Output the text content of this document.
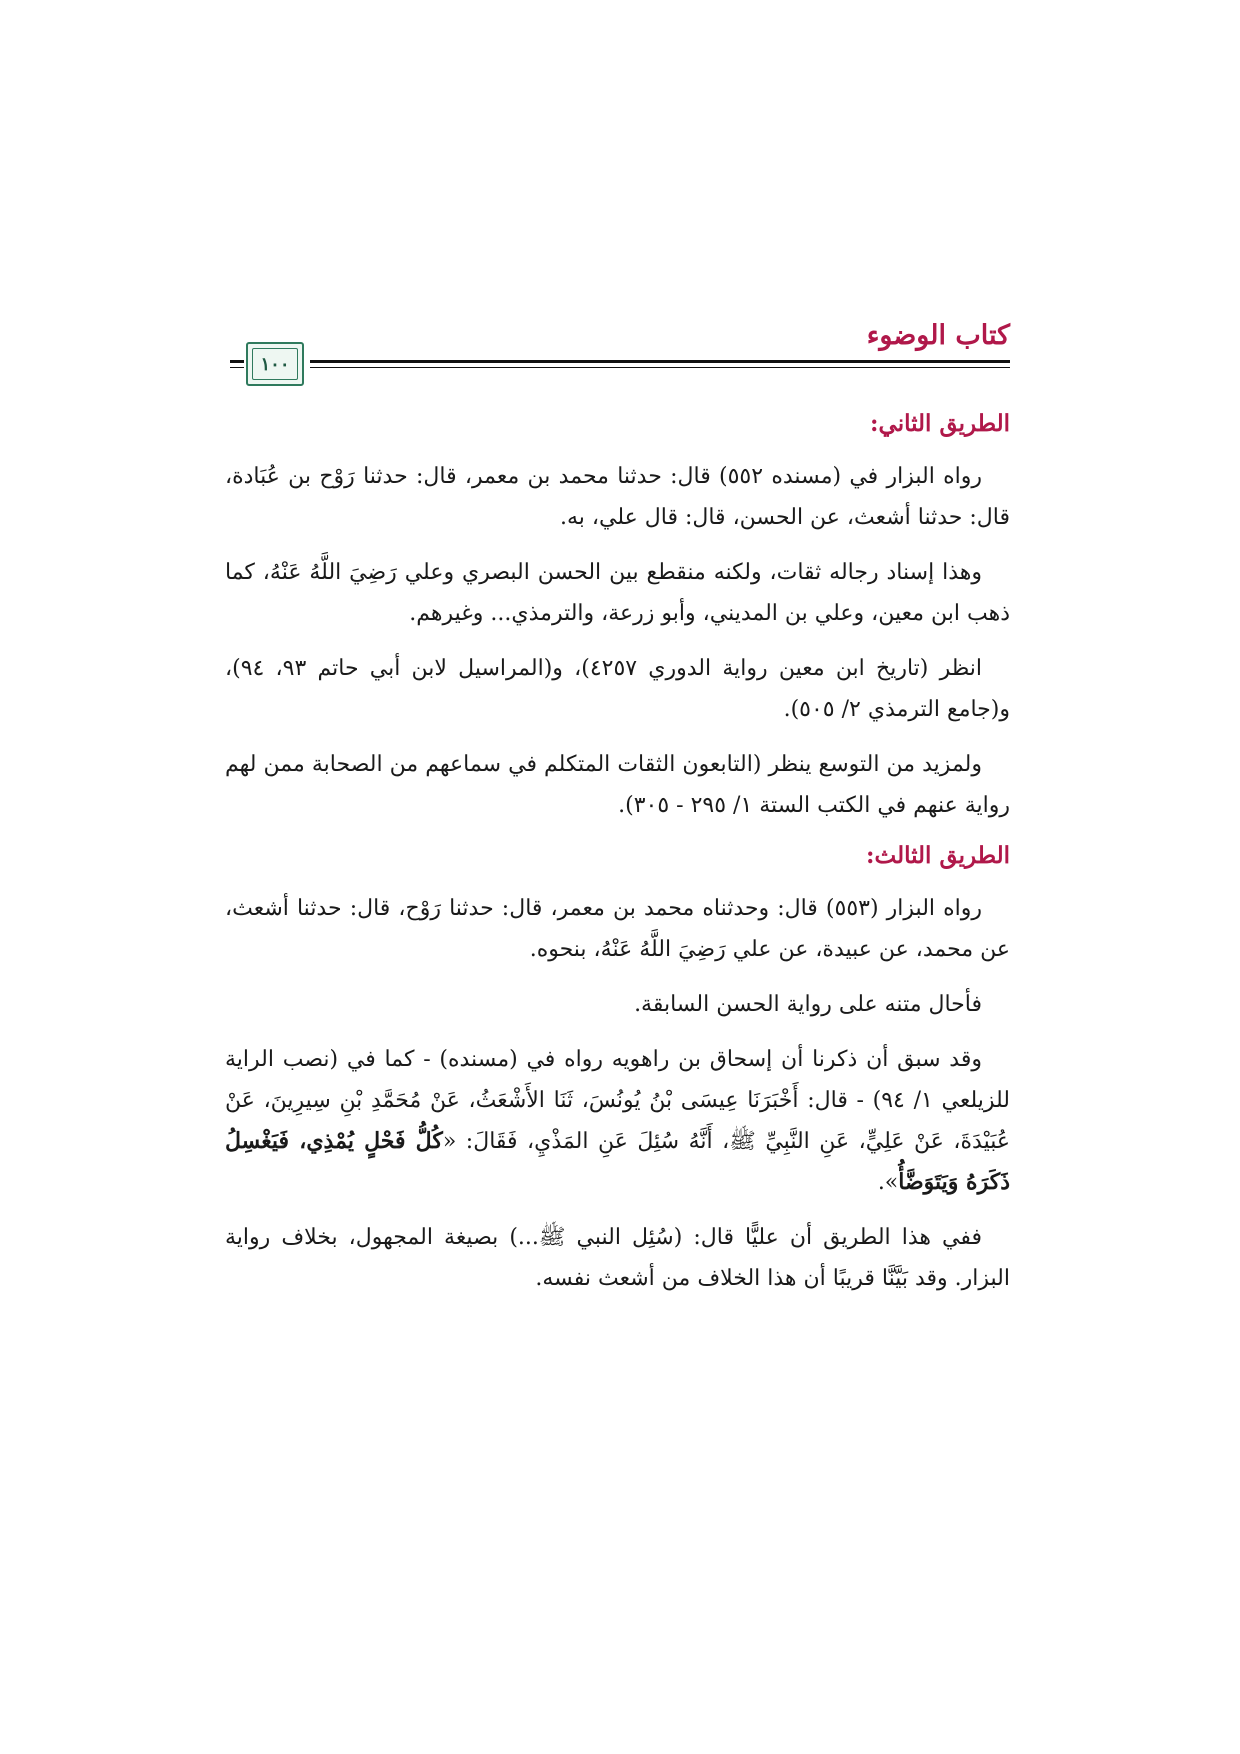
كتاب الوضوء
١٠٠
الطريق الثاني:

رواه البزار في (مسنده ٥٥٢) قال: حدثنا محمد بن معمر، قال: حدثنا رَوْح بن عُبَادة، قال: حدثنا أشعث، عن الحسن، قال: قال علي، به.

وهذا إسناد رجاله ثقات، ولكنه منقطع بين الحسن البصري وعلي رَضِيَ اللَّهُ عَنْهُ، كما ذهب ابن معين، وعلي بن المديني، وأبو زرعة، والترمذي... وغيرهم.

انظر (تاريخ ابن معين رواية الدوري ٤٢٥٧)، و(المراسيل لابن أبي حاتم ٩٣، ٩٤)، و(جامع الترمذي ٢/ ٥٠٥).

ولمزيد من التوسع ينظر (التابعون الثقات المتكلم في سماعهم من الصحابة ممن لهم رواية عنهم في الكتب الستة ١/ ٢٩٥ - ٣٠٥).

الطريق الثالث:

رواه البزار (٥٥٣) قال: وحدثناه محمد بن معمر، قال: حدثنا رَوْح، قال: حدثنا أشعث، عن محمد، عن عبيدة، عن علي رَضِيَ اللَّهُ عَنْهُ، بنحوه.

فأحال متنه على رواية الحسن السابقة.

وقد سبق أن ذكرنا أن إسحاق بن راهويه رواه في (مسنده) - كما في (نصب الراية للزيلعي ١/ ٩٤) - قال: أَخْبَرَنَا عِيسَى بْنُ يُونُسَ، ثَنَا الأَشْعَثُ، عَنْ مُحَمَّدِ بْنِ سِيرِينَ، عَنْ عُبَيْدَةَ، عَنْ عَلِيٍّ، عَنِ النَّبِيِّ ﷺ، أَنَّهُ سُئِلَ عَنِ المَذْيِ، فَقَالَ: «كُلُّ فَحْلٍ يُمْذِي، فَيَغْسِلُ ذَكَرَهُ وَيَتَوَضَّأُ».

ففي هذا الطريق أن عليًّا قال: (سُئِل النبي ﷺ...) بصيغة المجهول، بخلاف رواية البزار. وقد بَيَّنَّا قريبًا أن هذا الخلاف من أشعث نفسه.
